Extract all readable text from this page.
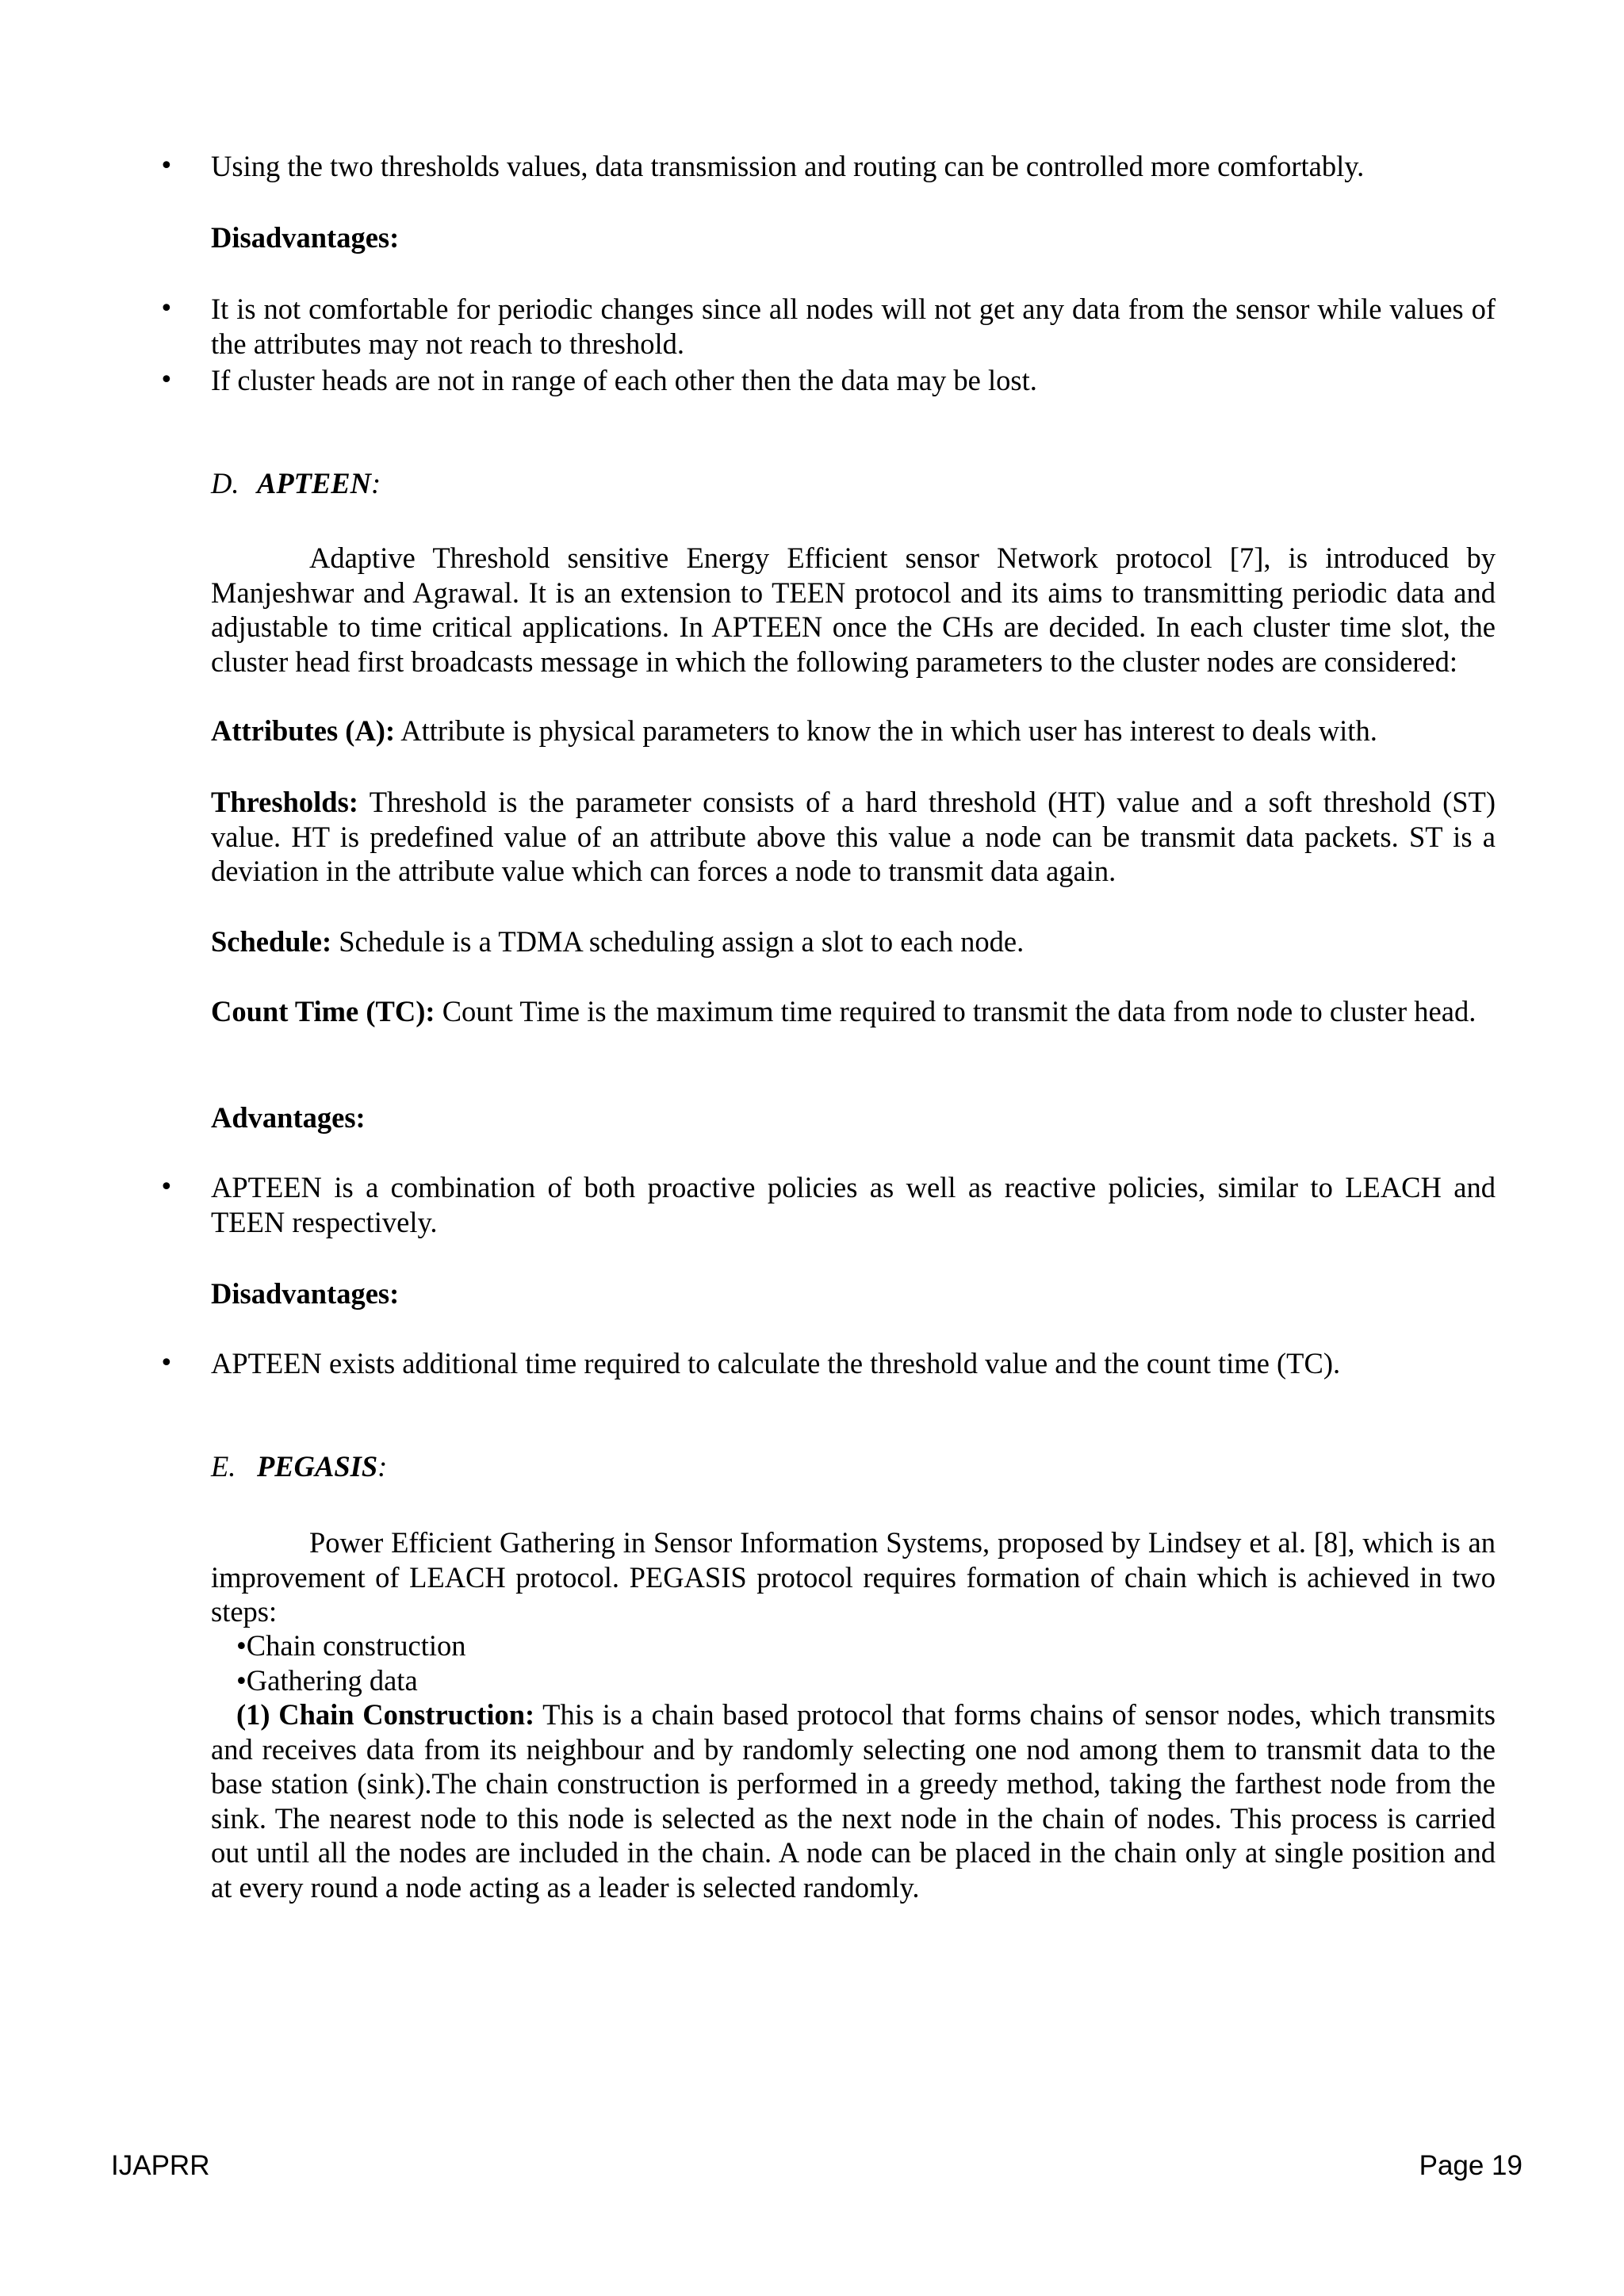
• Using the two thresholds values, data transmission and routing can be controlled more comfortably.
Disadvantages:
• It is not comfortable for periodic changes since all nodes will not get any data from the sensor while values of the attributes may not reach to threshold.
• If cluster heads are not in range of each other then the data may be lost.
D. APTEEN:
Adaptive Threshold sensitive Energy Efficient sensor Network protocol [7], is introduced by Manjeshwar and Agrawal. It is an extension to TEEN protocol and its aims to transmitting periodic data and adjustable to time critical applications. In APTEEN once the CHs are decided. In each cluster time slot, the cluster head first broadcasts message in which the following parameters to the cluster nodes are considered:
Attributes (A): Attribute is physical parameters to know the in which user has interest to deals with.
Thresholds: Threshold is the parameter consists of a hard threshold (HT) value and a soft threshold (ST) value. HT is predefined value of an attribute above this value a node can be transmit data packets. ST is a deviation in the attribute value which can forces a node to transmit data again.
Schedule: Schedule is a TDMA scheduling assign a slot to each node.
Count Time (TC): Count Time is the maximum time required to transmit the data from node to cluster head.
Advantages:
• APTEEN is a combination of both proactive policies as well as reactive policies, similar to LEACH and TEEN respectively.
Disadvantages:
• APTEEN exists additional time required to calculate the threshold value and the count time (TC).
E. PEGASIS:
Power Efficient Gathering in Sensor Information Systems, proposed by Lindsey et al. [8], which is an improvement of LEACH protocol. PEGASIS protocol requires formation of chain which is achieved in two steps:
•Chain construction
•Gathering data
(1) Chain Construction: This is a chain based protocol that forms chains of sensor nodes, which transmits and receives data from its neighbour and by randomly selecting one nod among them to transmit data to the base station (sink).The chain construction is performed in a greedy method, taking the farthest node from the sink. The nearest node to this node is selected as the next node in the chain of nodes. This process is carried out until all the nodes are included in the chain. A node can be placed in the chain only at single position and at every round a node acting as a leader is selected randomly.
IJAPRR	Page 19
